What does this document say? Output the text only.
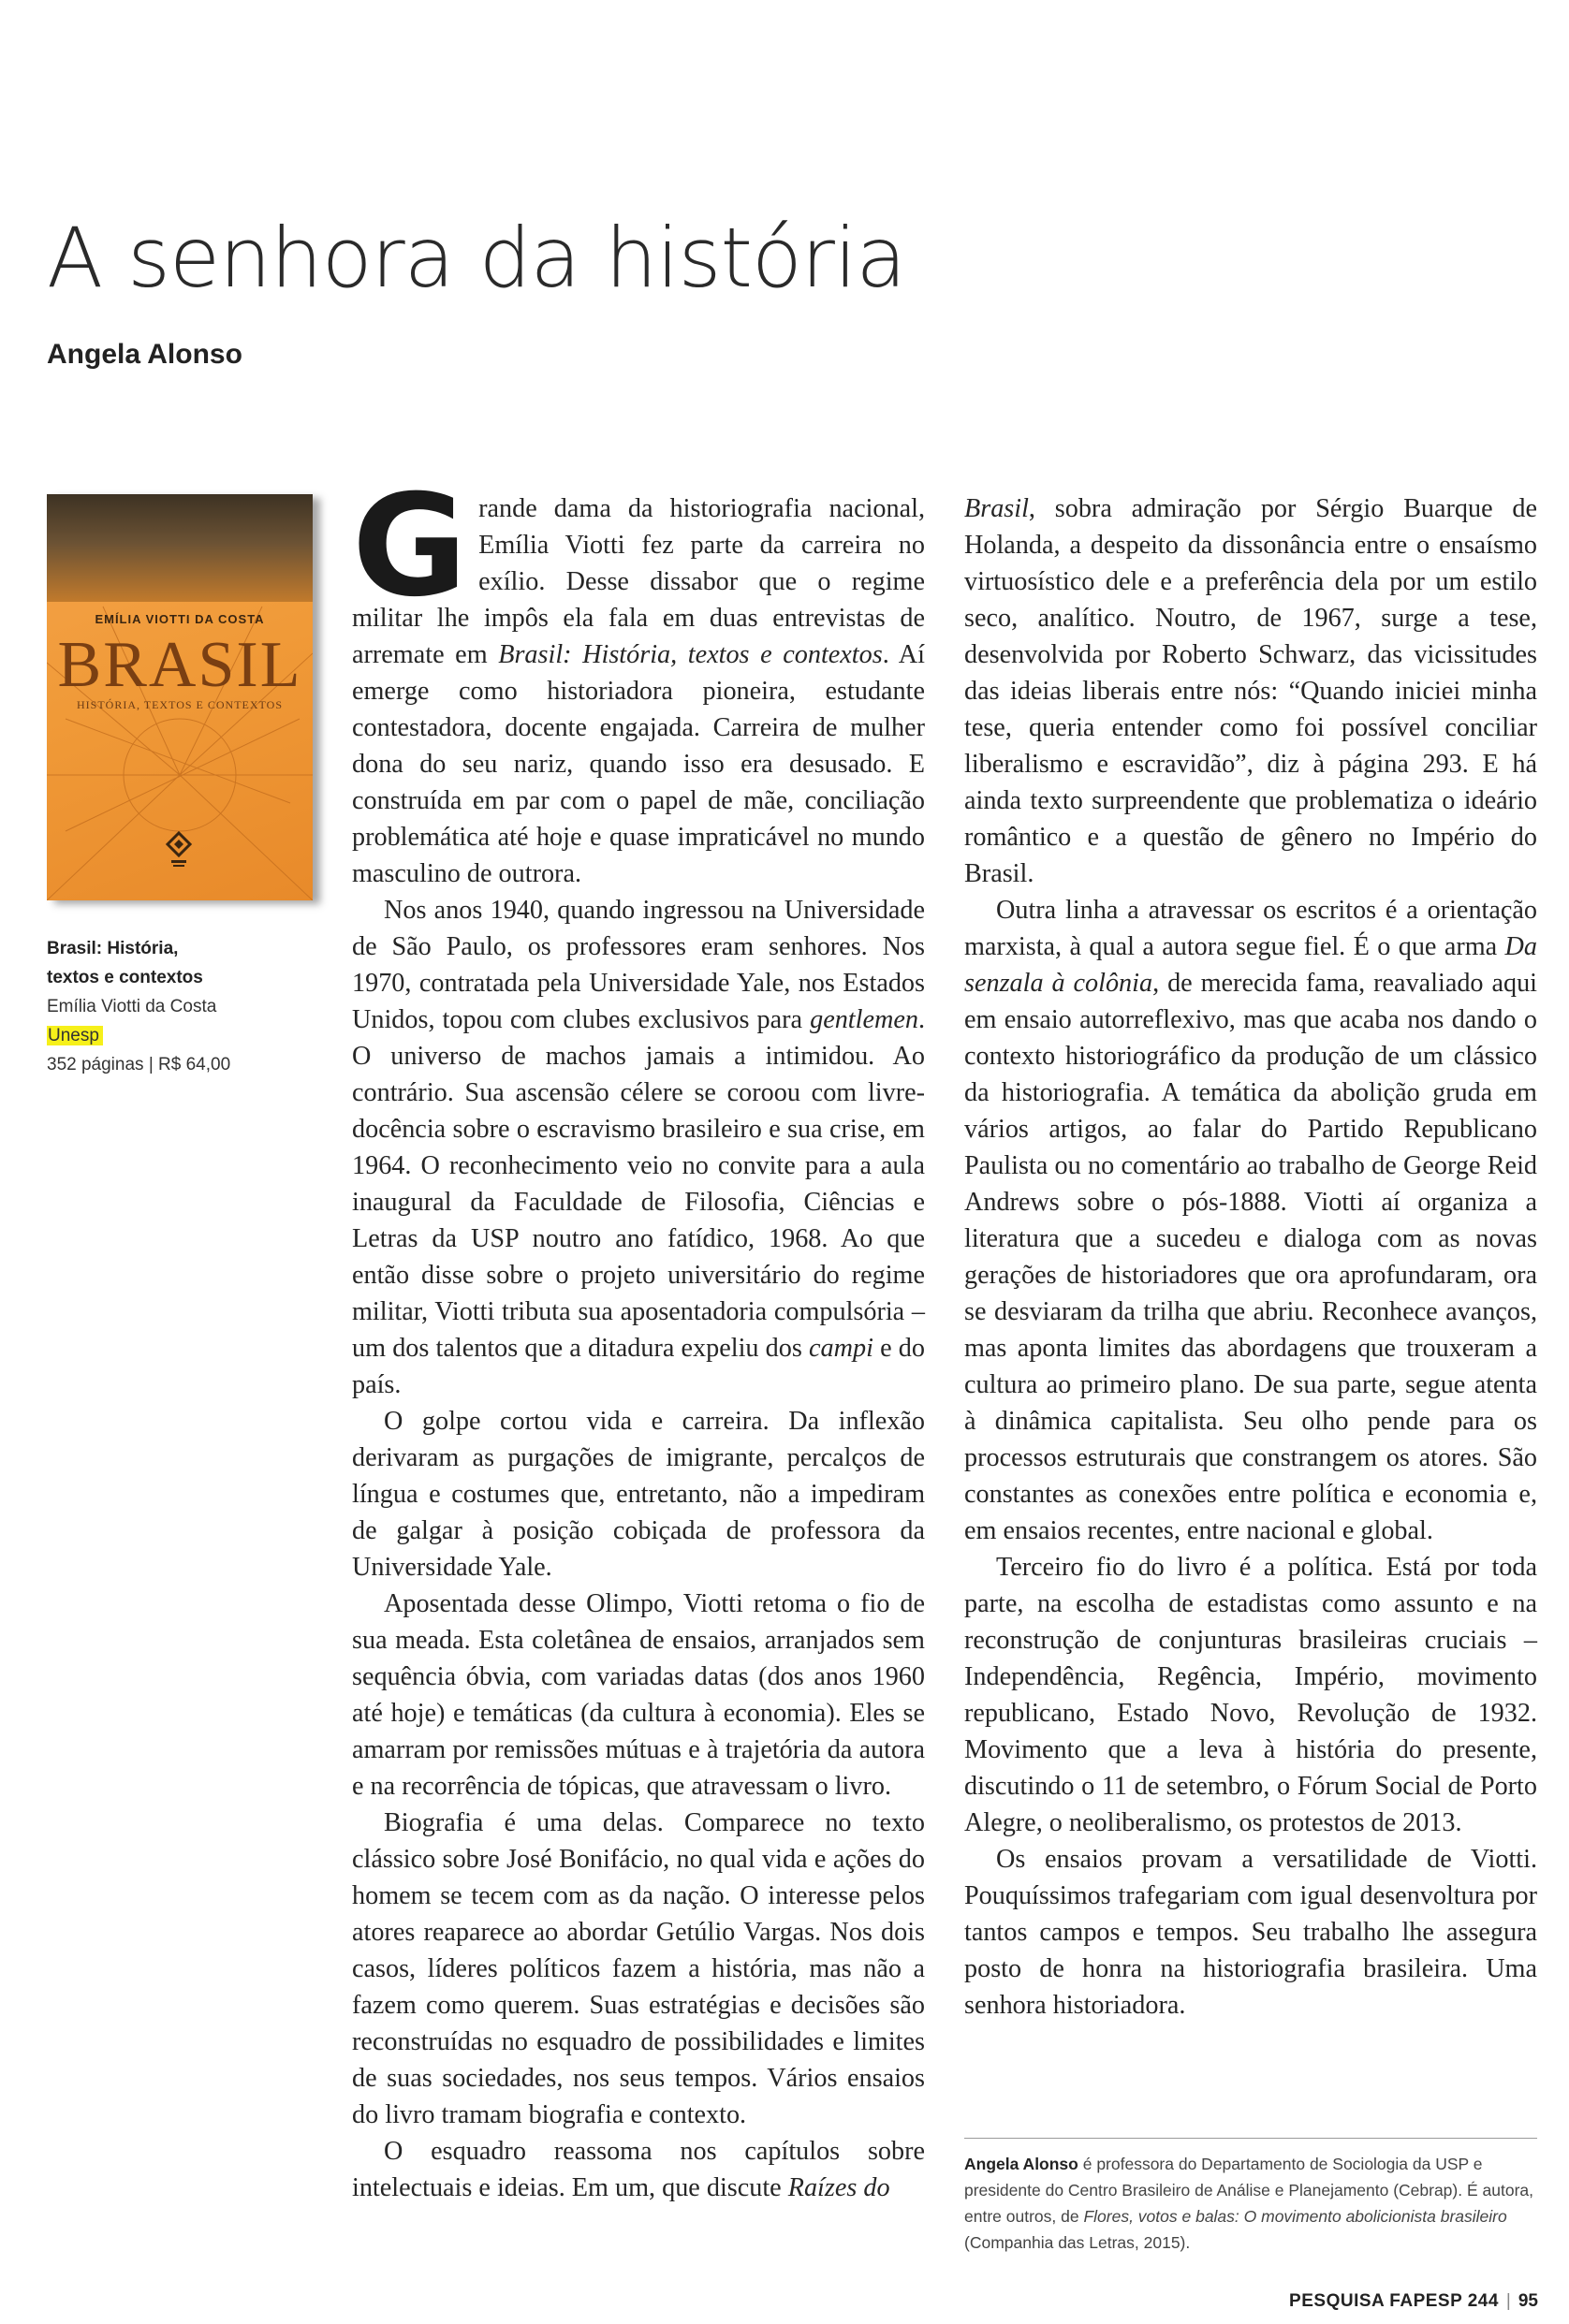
A senhora da história
Angela Alonso
EMÍLIA VIOTTI DA COSTA
BRASIL
HISTÓRIA, TEXTOS E CONTEXTOS
Brasil: História,
textos e contextos
Emília Viotti da Costa
Unesp
352 páginas | R$ 64,00

Grande dama da historiografia nacional, Emília Viotti fez parte da carreira no exílio. Desse dissabor que o regime militar lhe impôs ela fala em duas entrevistas de arremate em Brasil: História, textos e contextos. Aí emerge como historiadora pioneira, estudante contestadora, docente engajada. Carreira de mulher dona do seu nariz, quando isso era desusado. E construída em par com o papel de mãe, conciliação problemática até hoje e quase impraticável no mundo masculino de outrora.

Nos anos 1940, quando ingressou na Universidade de São Paulo, os professores eram senhores. Nos 1970, contratada pela Universidade Yale, nos Estados Unidos, topou com clubes exclusivos para gentlemen. O universo de machos jamais a intimidou. Ao contrário. Sua ascensão célere se coroou com livre-docência sobre o escravismo brasileiro e sua crise, em 1964. O reconhecimento veio no convite para a aula inaugural da Faculdade de Filosofia, Ciências e Letras da USP noutro ano fatídico, 1968. Ao que então disse sobre o projeto universitário do regime militar, Viotti tributa sua aposentadoria compulsória – um dos talentos que a ditadura expeliu dos campi e do país.

O golpe cortou vida e carreira. Da inflexão derivaram as purgações de imigrante, percalços de língua e costumes que, entretanto, não a impediram de galgar à posição cobiçada de professora da Universidade Yale.

Aposentada desse Olimpo, Viotti retoma o fio de sua meada. Esta coletânea de ensaios, arranjados sem sequência óbvia, com variadas datas (dos anos 1960 até hoje) e temáticas (da cultura à economia). Eles se amarram por remissões mútuas e à trajetória da autora e na recorrência de tópicas, que atravessam o livro.

Biografia é uma delas. Comparece no texto clássico sobre José Bonifácio, no qual vida e ações do homem se tecem com as da nação. O interesse pelos atores reaparece ao abordar Getúlio Vargas. Nos dois casos, líderes políticos fazem a história, mas não a fazem como querem. Suas estratégias e decisões são reconstruídas no esquadro de possibilidades e limites de suas sociedades, nos seus tempos. Vários ensaios do livro tramam biografia e contexto.

O esquadro reassoma nos capítulos sobre intelectuais e ideias. Em um, que discute Raízes do

Brasil, sobra admiração por Sérgio Buarque de Holanda, a despeito da dissonância entre o ensaísmo virtuosístico dele e a preferência dela por um estilo seco, analítico. Noutro, de 1967, surge a tese, desenvolvida por Roberto Schwarz, das vicissitudes das ideias liberais entre nós: “Quando iniciei minha tese, queria entender como foi possível conciliar liberalismo e escravidão”, diz à página 293. E há ainda texto surpreendente que problematiza o ideário romântico e a questão de gênero no Império do Brasil.

Outra linha a atravessar os escritos é a orientação marxista, à qual a autora segue fiel. É o que arma Da senzala à colônia, de merecida fama, reavaliado aqui em ensaio autorreflexivo, mas que acaba nos dando o contexto historiográfico da produção de um clássico da historiografia. A temática da abolição gruda em vários artigos, ao falar do Partido Republicano Paulista ou no comentário ao trabalho de George Reid Andrews sobre o pós-1888. Viotti aí organiza a literatura que a sucedeu e dialoga com as novas gerações de historiadores que ora aprofundaram, ora se desviaram da trilha que abriu. Reconhece avanços, mas aponta limites das abordagens que trouxeram a cultura ao primeiro plano. De sua parte, segue atenta à dinâmica capitalista. Seu olho pende para os processos estruturais que constrangem os atores. São constantes as conexões entre política e economia e, em ensaios recentes, entre nacional e global.

Terceiro fio do livro é a política. Está por toda parte, na escolha de estadistas como assunto e na reconstrução de conjunturas brasileiras cruciais – Independência, Regência, Império, movimento republicano, Estado Novo, Revolução de 1932. Movimento que a leva à história do presente, discutindo o 11 de setembro, o Fórum Social de Porto Alegre, o neoliberalismo, os protestos de 2013.

Os ensaios provam a versatilidade de Viotti. Pouquíssimos trafegariam com igual desenvoltura por tantos campos e tempos. Seu trabalho lhe assegura posto de honra na historiografia brasileira. Uma senhora historiadora.

Angela Alonso é professora do Departamento de Sociologia da USP e presidente do Centro Brasileiro de Análise e Planejamento (Cebrap). É autora, entre outros, de Flores, votos e balas: O movimento abolicionista brasileiro (Companhia das Letras, 2015).
PESQUISA FAPESP 244 | 95
